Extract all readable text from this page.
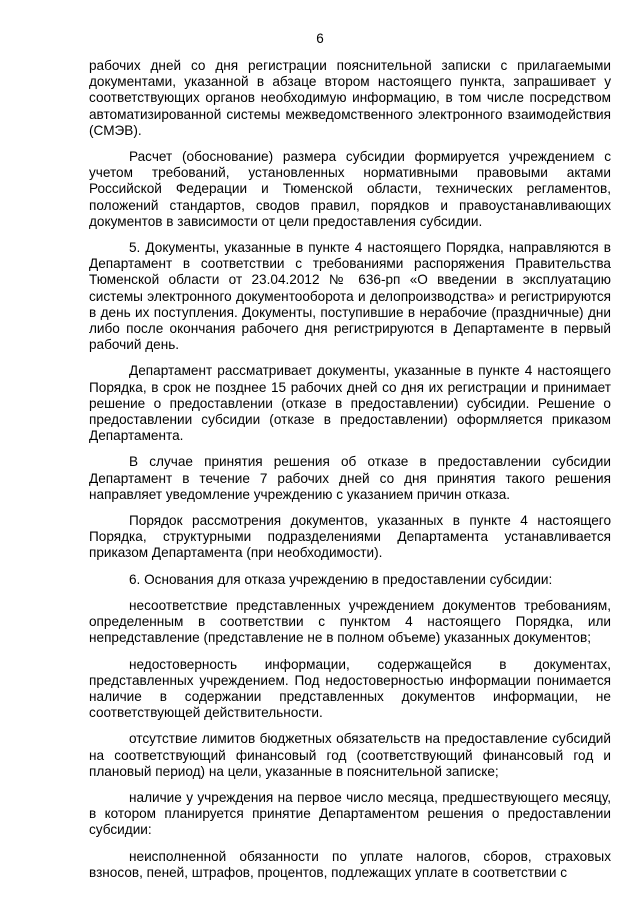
6

рабочих дней со дня регистрации пояснительной записки с прилагаемыми документами, указанной в абзаце втором настоящего пункта, запрашивает у соответствующих органов необходимую информацию, в том числе посредством автоматизированной системы межведомственного электронного взаимодействия (СМЭВ).

Расчет (обоснование) размера субсидии формируется учреждением с учетом требований, установленных нормативными правовыми актами Российской Федерации и Тюменской области, технических регламентов, положений стандартов, сводов правил, порядков и правоустанавливающих документов в зависимости от цели предоставления субсидии.

5. Документы, указанные в пункте 4 настоящего Порядка, направляются в Департамент в соответствии с требованиями распоряжения Правительства Тюменской области от 23.04.2012 № 636-рп «О введении в эксплуатацию системы электронного документооборота и делопроизводства» и регистрируются в день их поступления. Документы, поступившие в нерабочие (праздничные) дни либо после окончания рабочего дня регистрируются в Департаменте в первый рабочий день.

Департамент рассматривает документы, указанные в пункте 4 настоящего Порядка, в срок не позднее 15 рабочих дней со дня их регистрации и принимает решение о предоставлении (отказе в предоставлении) субсидии. Решение о предоставлении субсидии (отказе в предоставлении) оформляется приказом Департамента.

В случае принятия решения об отказе в предоставлении субсидии Департамент в течение 7 рабочих дней со дня принятия такого решения направляет уведомление учреждению с указанием причин отказа.

Порядок рассмотрения документов, указанных в пункте 4 настоящего Порядка, структурными подразделениями Департамента устанавливается приказом Департамента (при необходимости).

6. Основания для отказа учреждению в предоставлении субсидии:

несоответствие представленных учреждением документов требованиям, определенным в соответствии с пунктом 4 настоящего Порядка, или непредставление (представление не в полном объеме) указанных документов;

недостоверность информации, содержащейся в документах, представленных учреждением. Под недостоверностью информации понимается наличие в содержании представленных документов информации, не соответствующей действительности.

отсутствие лимитов бюджетных обязательств на предоставление субсидий на соответствующий финансовый год (соответствующий финансовый год и плановый период) на цели, указанные в пояснительной записке;

наличие у учреждения на первое число месяца, предшествующего месяцу, в котором планируется принятие Департаментом решения о предоставлении субсидии:

неисполненной обязанности по уплате налогов, сборов, страховых взносов, пеней, штрафов, процентов, подлежащих уплате в соответствии с
